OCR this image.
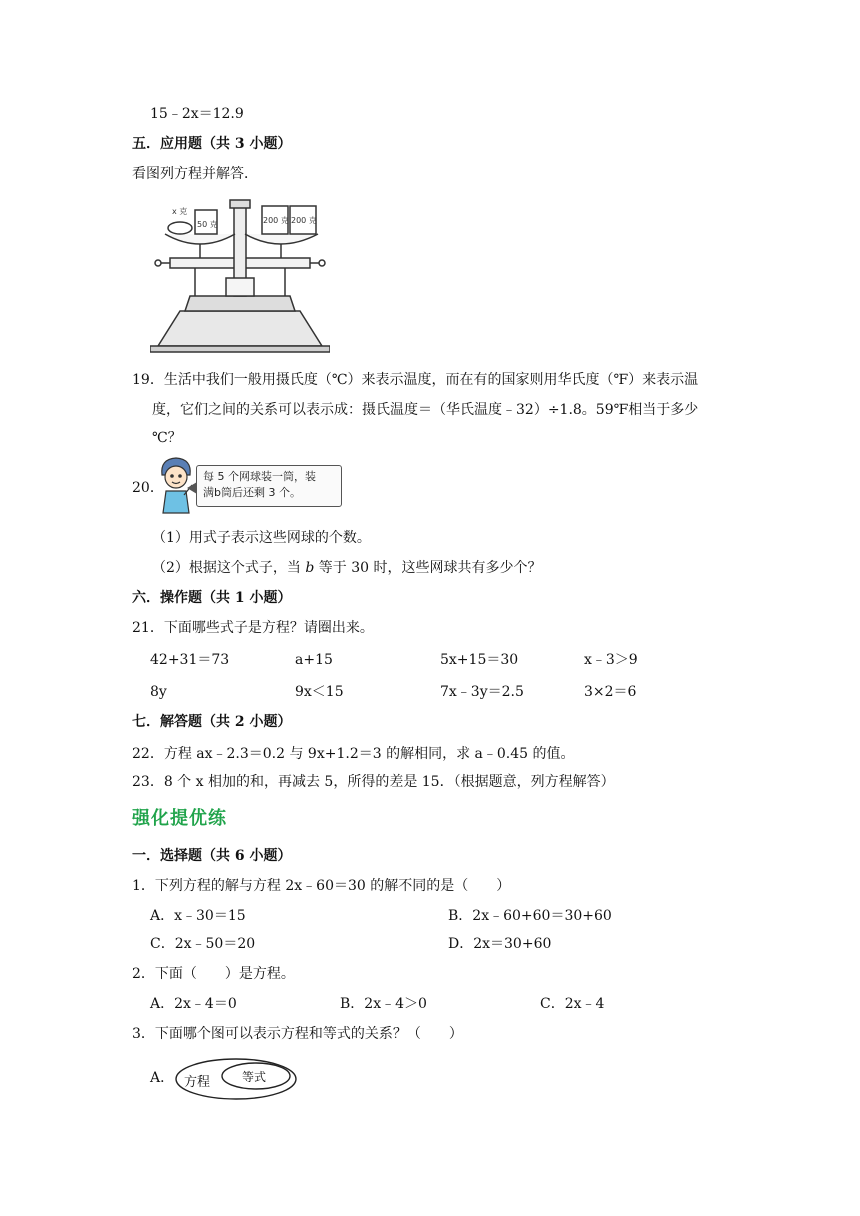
15﹣2x＝12.9
五．应用题（共 3 小题）
看图列方程并解答．
x 克
50 克	200 克 200 克
19．生活中我们一般用摄氏度（℃）来表示温度，而在有的国家则用华氏度（℉）来表示温
度，它们之间的关系可以表示成：摄氏温度＝（华氏温度﹣32）÷1.8。59℉相当于多少
℃？
20．
每 5 个网球装一筒，装
满b筒后还剩 3 个。
（1）用式子表示这些网球的个数。
（2）根据这个式子，当 b 等于 30 时，这些网球共有多少个？
六．操作题（共 1 小题）
21．下面哪些式子是方程？请圈出来。
42+31＝73	a+15	5x+15＝30	x﹣3＞9
8y	9x＜15	7x﹣3y＝2.5	3×2＝6
七．解答题（共 2 小题）
22．方程 ax﹣2.3＝0.2 与 9x+1.2＝3 的解相同，求 a﹣0.45 的值。
23．8 个 x 相加的和，再减去 5，所得的差是 15．（根据题意，列方程解答）
强化提优练
一．选择题（共 6 小题）
1．下列方程的解与方程 2x﹣60＝30 的解不同的是（　　）
A．x﹣30＝15	B．2x﹣60+60＝30+60
C．2x﹣50＝20	D．2x＝30+60
2．下面（　　）是方程。
A．2x﹣4＝0	B．2x﹣4＞0	C．2x﹣4
3．下面哪个图可以表示方程和等式的关系？（　　）
A． 方程	等式
